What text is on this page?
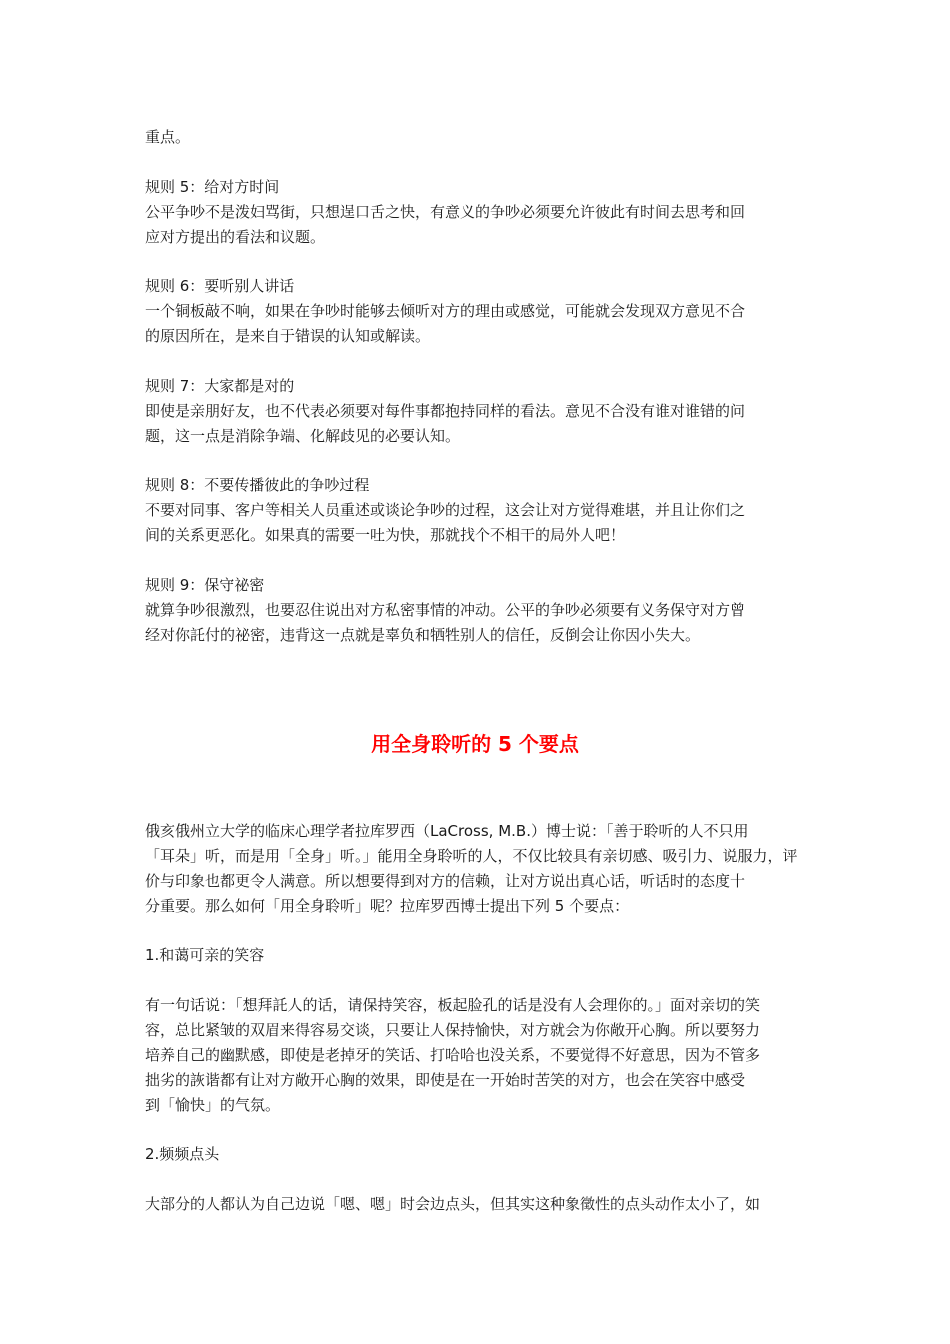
重点。
规则 5：给对方时间
公平争吵不是泼妇骂街，只想逞口舌之快，有意义的争吵必须要允许彼此有时间去思考和回
应对方提出的看法和议题。
规则 6：要听别人讲话
一个铜板敲不响，如果在争吵时能够去倾听对方的理由或感觉，可能就会发现双方意见不合
的原因所在，是来自于错误的认知或解读。
规则 7：大家都是对的
即使是亲朋好友，也不代表必须要对每件事都抱持同样的看法。意见不合没有谁对谁错的问
题，这一点是消除争端、化解歧见的必要认知。
规则 8：不要传播彼此的争吵过程
不要对同事、客户等相关人员重述或谈论争吵的过程，这会让对方觉得难堪，并且让你们之
间的关系更恶化。如果真的需要一吐为快，那就找个不相干的局外人吧！
规则 9：保守祕密
就算争吵很激烈，也要忍住说出对方私密事情的冲动。公平的争吵必须要有义务保守对方曾
经对你託付的祕密，违背这一点就是辜负和牺牲别人的信任，反倒会让你因小失大。
用全身聆听的 5 个要点
俄亥俄州立大学的临床心理学者拉库罗西（LaCross, M.B.）博士说：「善于聆听的人不只用
「耳朵」听，而是用「全身」听。」能用全身聆听的人，不仅比较具有亲切感、吸引力、说服力，评
价与印象也都更令人满意。所以想要得到对方的信赖，让对方说出真心话，听话时的态度十
分重要。那么如何「用全身聆听」呢？拉库罗西博士提出下列 5 个要点：
1.和蔼可亲的笑容
有一句话说：「想拜託人的话，请保持笑容，板起脸孔的话是没有人会理你的。」面对亲切的笑
容，总比紧皱的双眉来得容易交谈，只要让人保持愉快，对方就会为你敞开心胸。所以要努力
培养自己的幽默感，即使是老掉牙的笑话、打哈哈也没关系，不要觉得不好意思，因为不管多
拙劣的詼谐都有让对方敞开心胸的效果，即使是在一开始时苦笑的对方，也会在笑容中感受
到「愉快」的气氛。
2.频频点头
大部分的人都认为自己边说「嗯、嗯」时会边点头，但其实这种象徵性的点头动作太小了，如
